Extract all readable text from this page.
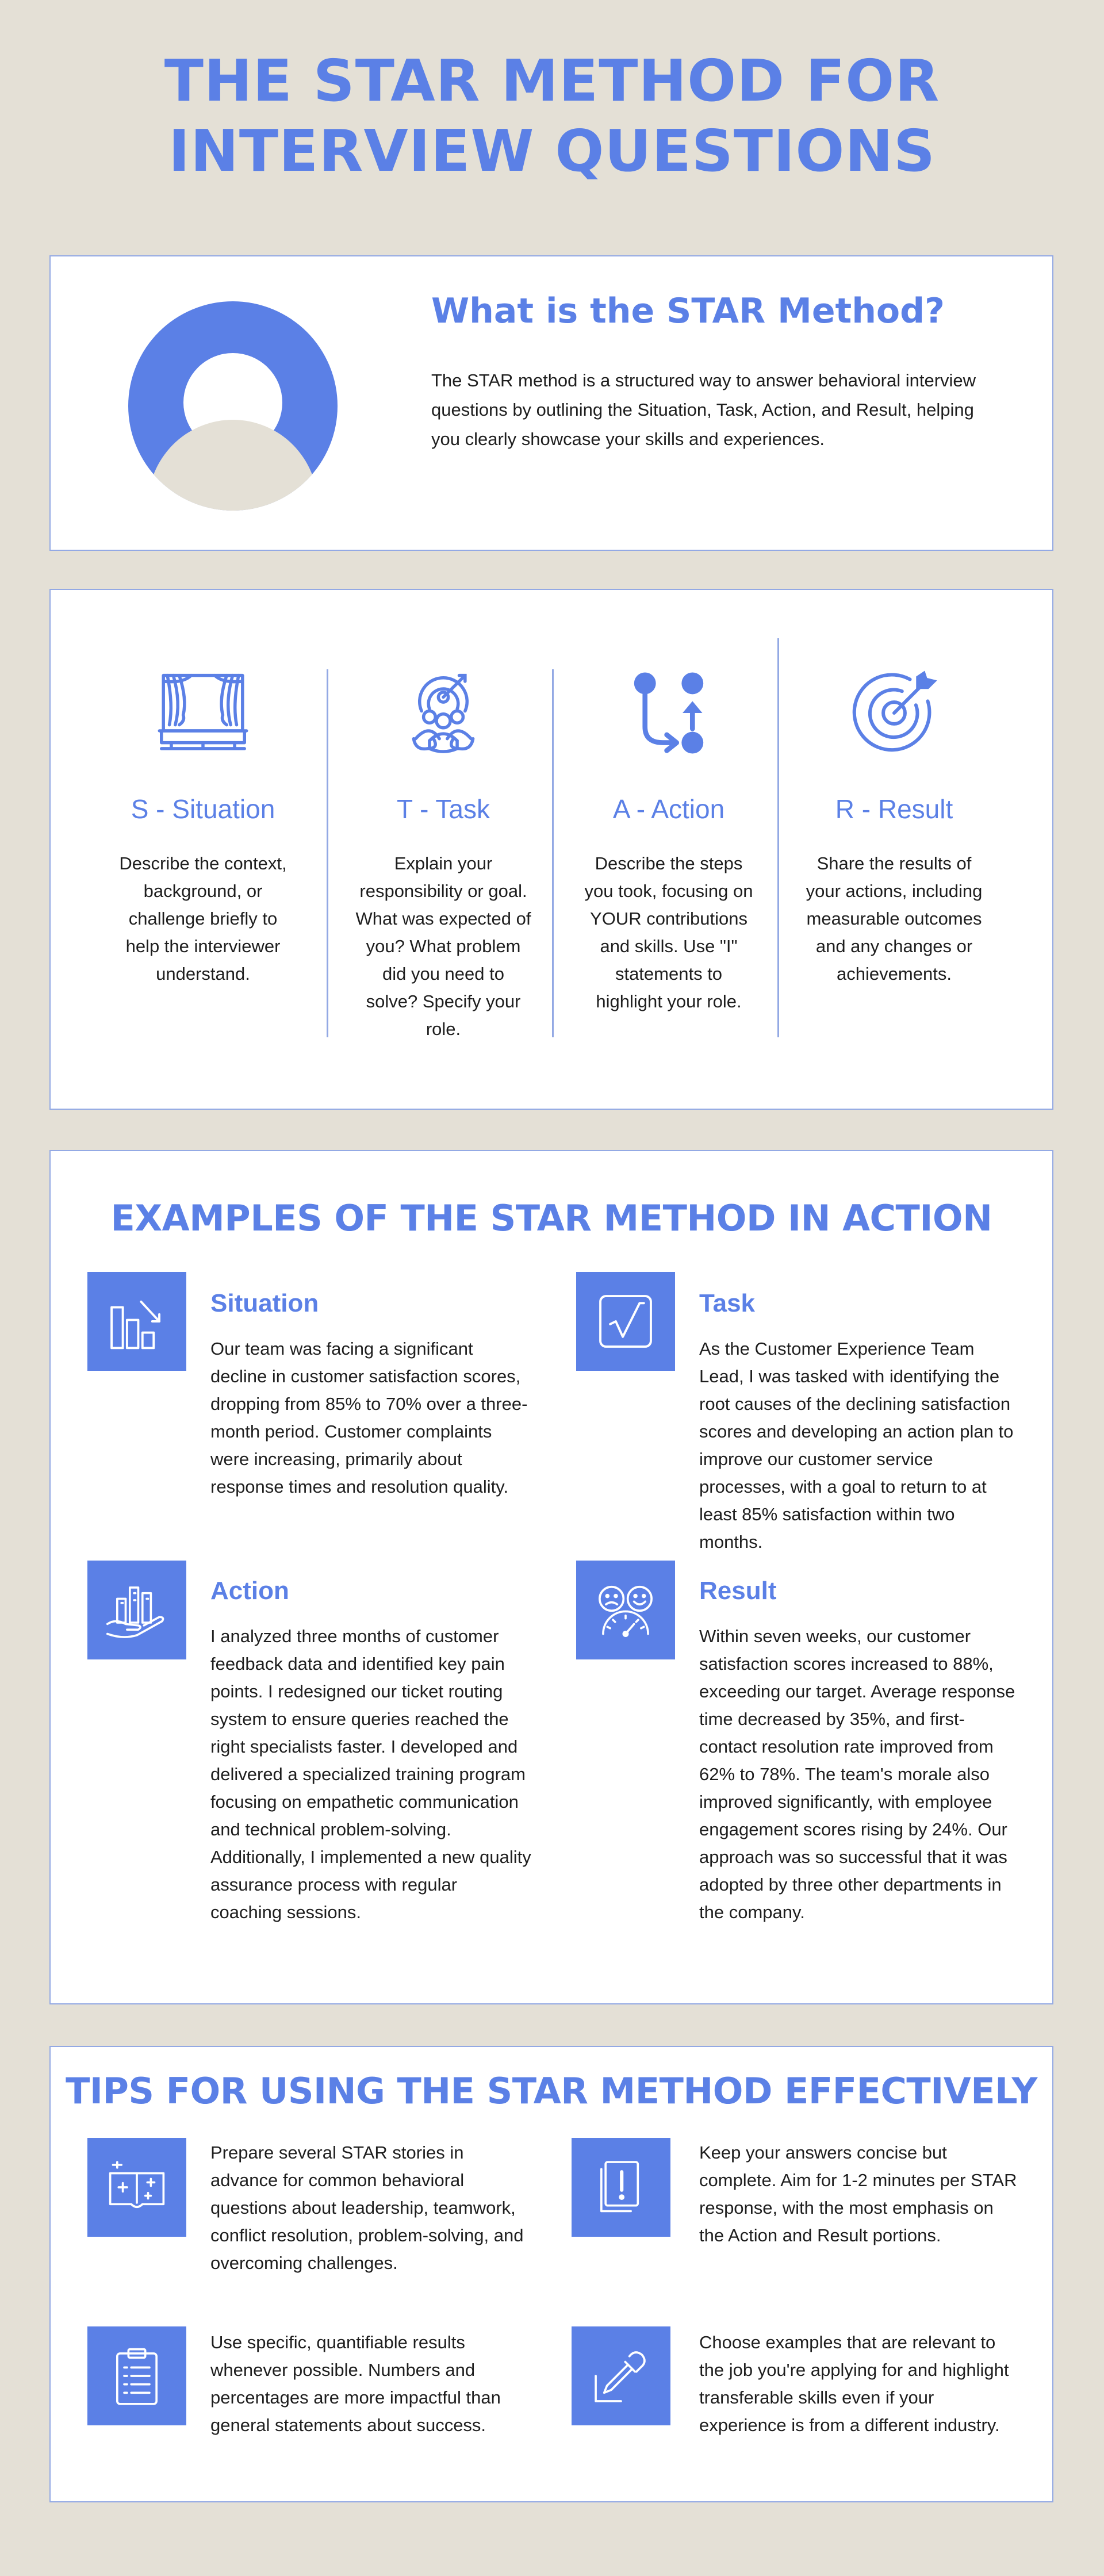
THE STAR METHOD FOR
INTERVIEW QUESTIONS
What is the STAR Method?
The STAR method is a structured way to answer behavioral interview questions by outlining the Situation, Task, Action, and Result, helping you clearly showcase your skills and experiences.
S - Situation
Describe the context, background, or challenge briefly to help the interviewer understand.
T - Task
Explain your responsibility or goal. What was expected of you? What problem did you need to solve? Specify your role.
A - Action
Describe the steps you took, focusing on YOUR contributions and skills. Use "I" statements to highlight your role.
R - Result
Share the results of your actions, including measurable outcomes and any changes or achievements.
EXAMPLES OF THE STAR METHOD IN ACTION
Situation
Our team was facing a significant decline in customer satisfaction scores, dropping from 85% to 70% over a three-month period. Customer complaints were increasing, primarily about response times and resolution quality.
Task
As the Customer Experience Team Lead, I was tasked with identifying the root causes of the declining satisfaction scores and developing an action plan to improve our customer service processes, with a goal to return to at least 85% satisfaction within two months.
Action
I analyzed three months of customer feedback data and identified key pain points. I redesigned our ticket routing system to ensure queries reached the right specialists faster. I developed and delivered a specialized training program focusing on empathetic communication and technical problem-solving. Additionally, I implemented a new quality assurance process with regular coaching sessions.
Result
Within seven weeks, our customer satisfaction scores increased to 88%, exceeding our target. Average response time decreased by 35%, and first-contact resolution rate improved from 62% to 78%. The team's morale also improved significantly, with employee engagement scores rising by 24%. Our approach was so successful that it was adopted by three other departments in the company.
TIPS FOR USING THE STAR METHOD EFFECTIVELY
Prepare several STAR stories in advance for common behavioral questions about leadership, teamwork, conflict resolution, problem-solving, and overcoming challenges.
Keep your answers concise but complete. Aim for 1-2 minutes per STAR response, with the most emphasis on the Action and Result portions.
Use specific, quantifiable results whenever possible. Numbers and percentages are more impactful than general statements about success.
Choose examples that are relevant to the job you're applying for and highlight transferable skills even if your experience is from a different industry.
